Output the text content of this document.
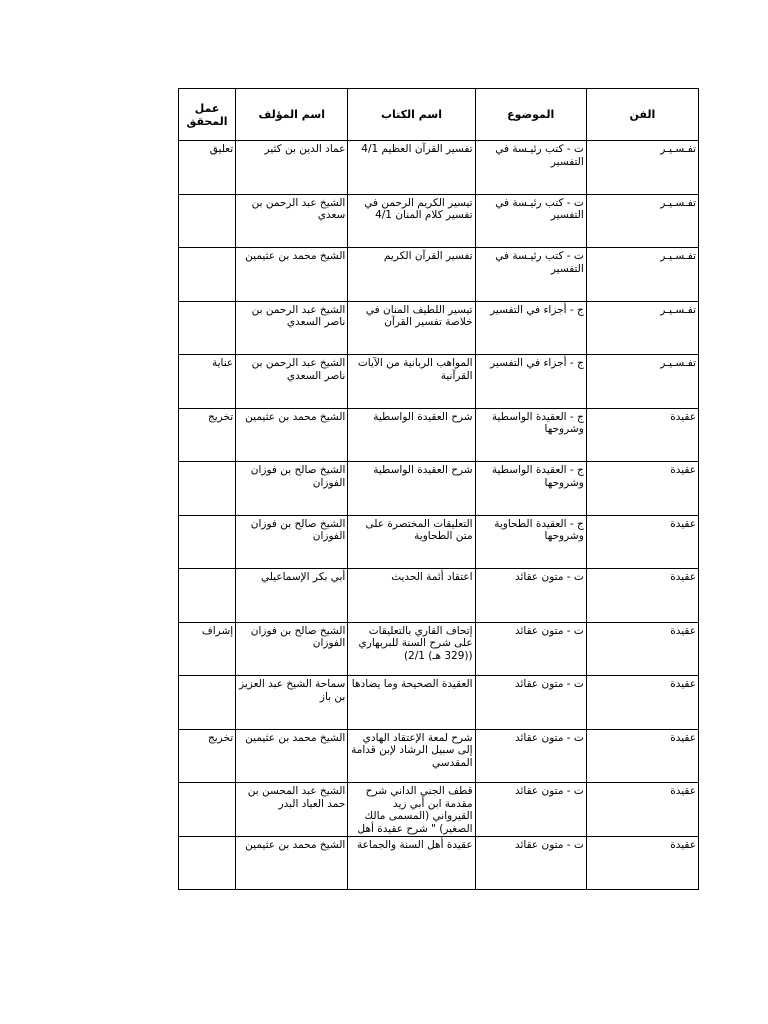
الفن	الموضوع	اسم الكتاب	اسم المؤلف	عمل المحقق
تفـسـيـر	ت - كتب رئيـسة في التفسير	تفسير القرآن العظيم 4/1	عماد الدين بن كثير	تعليق
تفـسـيـر	ت - كتب رئيـسة في التفسير	تيسير الكريم الرحمن في تفسير كلام المنان 4/1	الشيخ عبد الرحمن بن سعدي	
تفـسـيـر	ت - كتب رئيـسة في التفسير	تفسير القرآن الكريم	الشيخ محمد بن عثيمين	
تفـسـيـر	ج - أجزاء في التفسير	تيسير اللطيف المنان في خلاصة تفسير القرآن	الشيخ عبد الرحمن بن ناصر السعدي	
تفـسـيـر	ج - أجزاء في التفسير	المواهب الربانية من الآيات القرآنية	الشيخ عبد الرحمن بن ناصر السعدي	عناية
عقيدة	ج - العقيدة الواسطية وشروحها	شرح العقيدة الواسطية	الشيخ محمد بن عثيمين	تخريج
عقيدة	ج - العقيدة الواسطية وشروحها	شرح العقيدة الواسطية	الشيخ صالح بن فوزان الفوزان	
عقيدة	ج - العقيدة الطحاوية وشروحها	التعليقات المختصرة على متن الطحاوية	الشيخ صالح بن فوزان الفوزان	
عقيدة	ت - متون عقائد	اعتقاد أئمة الحديث	أبي بكر الإسماعيلي	
عقيدة	ت - متون عقائد	إتحاف القاري بالتعليقات على شرح السنة للبربهاري ((329 هـ) 2/1)	الشيخ صالح بن فوزان الفوزان	إشراف
عقيدة	ت - متون عقائد	العقيدة الصحيحة وما يضادها	سماحة الشيخ عبد العزيز بن باز	
عقيدة	ت - متون عقائد	شرح لمعة الإعتقاد الهادي إلى سبيل الرشاد لإبن قدامة المقدسي	الشيخ محمد بن عثيمين	تخريج
عقيدة	ت - متون عقائد	قطف الجني الداني شرح مقدمة ابن أبي زيد القيرواني (المسمى مالك الصغير) " شرح عقيدة أهل	الشيخ عبد المحسن بن حمد العباد البدر	
عقيدة	ت - متون عقائد	عقيدة أهل السنة والجماعة	الشيخ محمد بن عثيمين	
